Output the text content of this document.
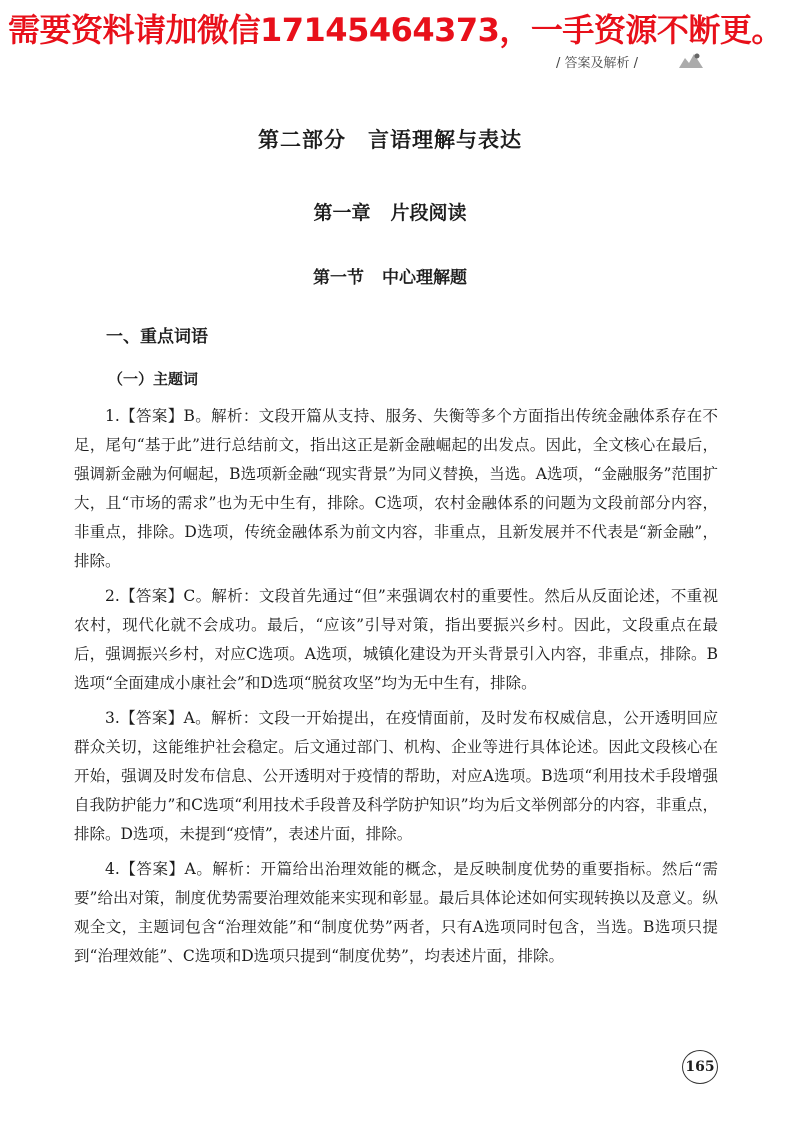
需要资料请加微信17145464373，一手资源不断更。
/ 答案及解析 /
第二部分 言语理解与表达
第一章 片段阅读
第一节 中心理解题
一、重点词语
（一）主题词

1.【答案】B。解析：文段开篇从支持、服务、失衡等多个方面指出传统金融体系存在不足，尾句“基于此”进行总结前文，指出这正是新金融崛起的出发点。因此，全文核心在最后，强调新金融为何崛起，B选项新金融“现实背景”为同义替换，当选。A选项，“金融服务”范围扩大，且“市场的需求”也为无中生有，排除。C选项，农村金融体系的问题为文段前部分内容，非重点，排除。D选项，传统金融体系为前文内容，非重点，且新发展并不代表是“新金融”，排除。

2.【答案】C。解析：文段首先通过“但”来强调农村的重要性。然后从反面论述，不重视农村，现代化就不会成功。最后，“应该”引导对策，指出要振兴乡村。因此，文段重点在最后，强调振兴乡村，对应C选项。A选项，城镇化建设为开头背景引入内容，非重点，排除。B选项“全面建成小康社会”和D选项“脱贫攻坚”均为无中生有，排除。

3.【答案】A。解析：文段一开始提出，在疫情面前，及时发布权威信息，公开透明回应群众关切，这能维护社会稳定。后文通过部门、机构、企业等进行具体论述。因此文段核心在开始，强调及时发布信息、公开透明对于疫情的帮助，对应A选项。B选项“利用技术手段增强自我防护能力”和C选项“利用技术手段普及科学防护知识”均为后文举例部分的内容，非重点，排除。D选项，未提到“疫情”，表述片面，排除。

4.【答案】A。解析：开篇给出治理效能的概念，是反映制度优势的重要指标。然后“需要”给出对策，制度优势需要治理效能来实现和彰显。最后具体论述如何实现转换以及意义。纵观全文，主题词包含“治理效能”和“制度优势”两者，只有A选项同时包含，当选。B选项只提到“治理效能”、C选项和D选项只提到“制度优势”，均表述片面，排除。

165
